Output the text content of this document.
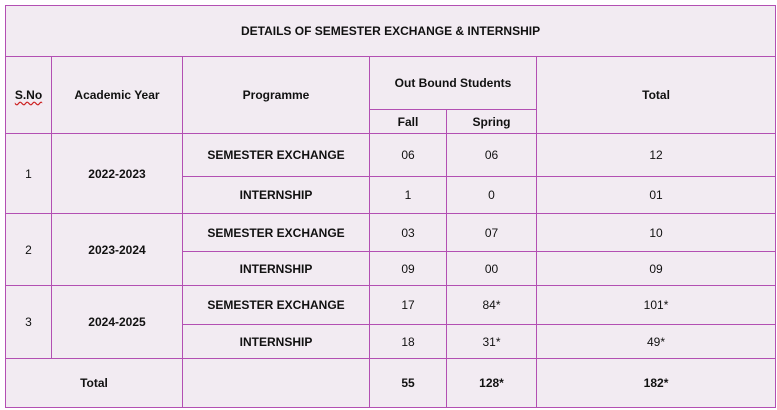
DETAILS OF SEMESTER EXCHANGE & INTERNSHIP					
S.No	Academic Year	Programme	Out Bound Students		Total
			Fall	Spring	
1	2022-2023	SEMESTER EXCHANGE	06	06	12
		INTERNSHIP	1	0	01
2	2023-2024	SEMESTER EXCHANGE	03	07	10
		INTERNSHIP	09	00	09
3	2024-2025	SEMESTER EXCHANGE	17	84*	101*
		INTERNSHIP	18	31*	49*
Total			55	128*	182*
